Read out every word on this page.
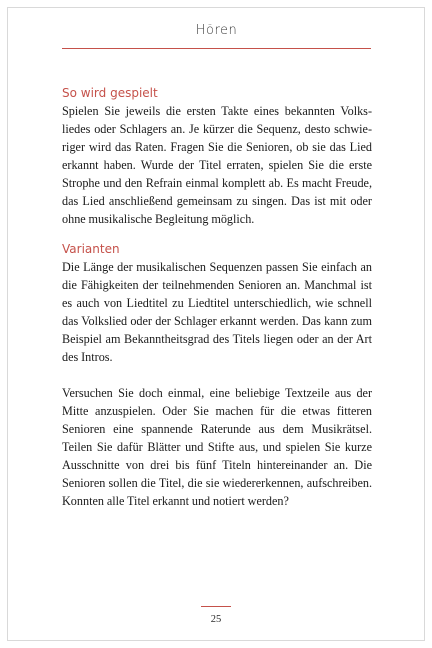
Hören
So wird gespielt

Spielen Sie jeweils die ersten Takte eines bekannten Volksliedes oder Schlagers an. Je kürzer die Sequenz, desto schwieriger wird das Raten. Fragen Sie die Senioren, ob sie das Lied erkannt haben. Wurde der Titel erraten, spielen Sie die erste Strophe und den Refrain einmal komplett ab. Es macht Freude, das Lied anschließend gemeinsam zu singen. Das ist mit oder ohne musikalische Begleitung möglich.

Varianten

Die Länge der musikalischen Sequenzen passen Sie einfach an die Fähigkeiten der teilnehmenden Senioren an. Manchmal ist es auch von Liedtitel zu Liedtitel unterschiedlich, wie schnell das Volkslied oder der Schlager erkannt werden. Das kann zum Beispiel am Bekanntheitsgrad des Titels liegen oder an der Art des Intros.

Versuchen Sie doch einmal, eine beliebige Textzeile aus der Mitte anzuspielen. Oder Sie machen für die etwas fitteren Senioren eine spannende Raterunde aus dem Musikrätsel. Teilen Sie dafür Blätter und Stifte aus, und spielen Sie kurze Ausschnitte von drei bis fünf Titeln hintereinander an. Die Senioren sollen die Titel, die sie wiedererkennen, aufschreiben. Konnten alle Titel erkannt und notiert werden?

25
